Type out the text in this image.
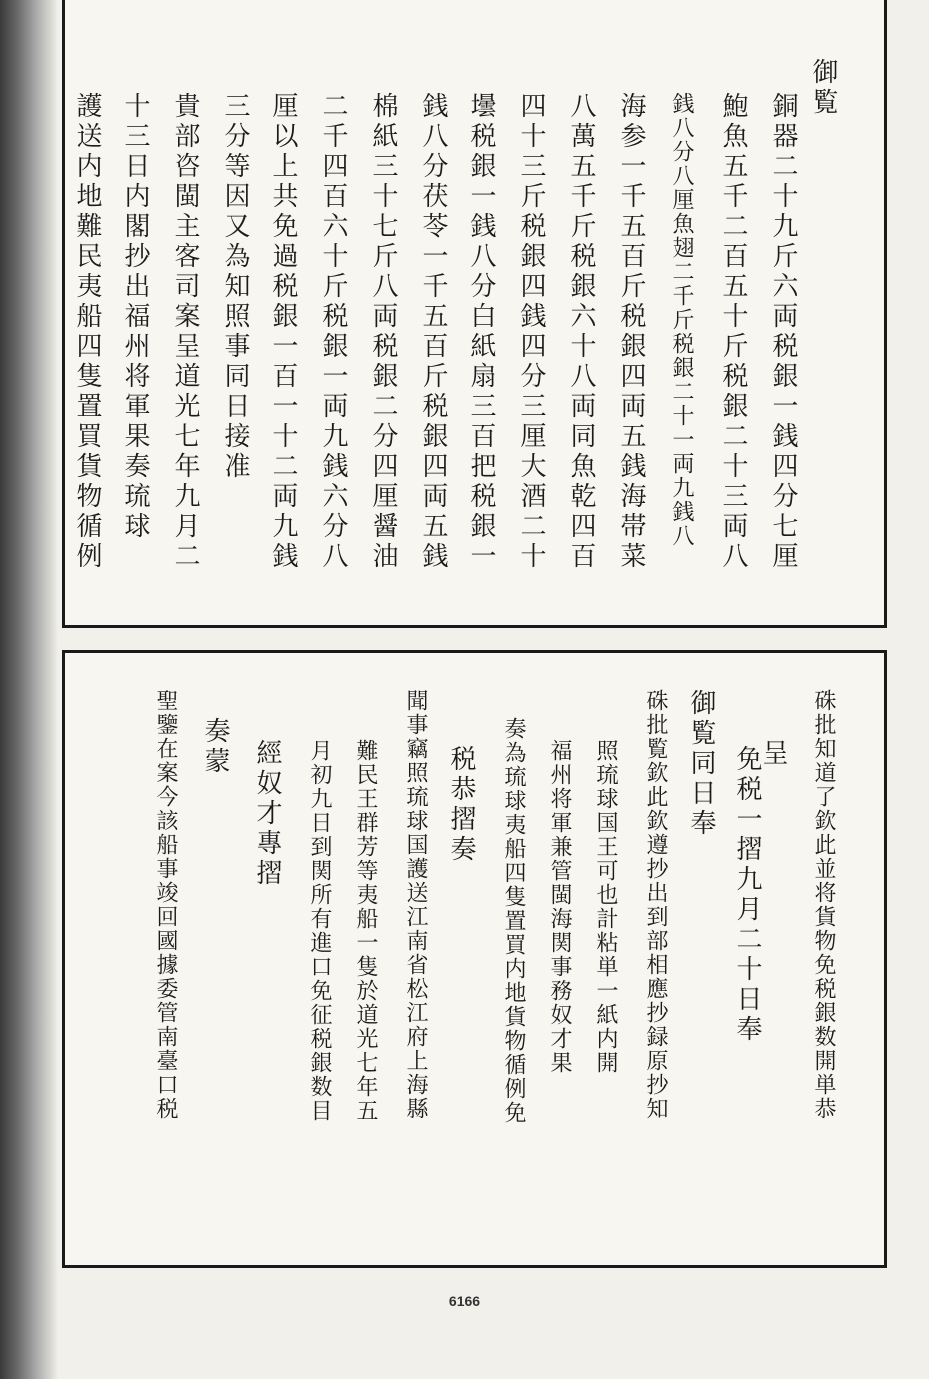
御覧
銅器二十九斤六両税銀一銭四分七厘
鮑魚五千二百五十斤税銀二十三両八
銭八分八厘魚翅二千斤税銀二十一両九銭八
海参一千五百斤税銀四両五銭海帯菜
八萬五千斤税銀六十八両同魚乾四百
四十三斤税銀四銭四分三厘大酒二十
壜税銀一銭八分白紙扇三百把税銀一
銭八分茯苓一千五百斤税銀四両五銭
棉紙三十七斤八両税銀二分四厘醤油
二千四百六十斤税銀一両九銭六分八
厘以上共免過税銀一百一十二両九銭
三分等因又為知照事同日接准
貴部咨閩主客司案呈道光七年九月二
十三日内閣抄出福州将軍果奏琉球
護送内地難民夷船四隻置買貨物循例
硃批知道了欽此並将貨物免税銀数開単恭
呈
免税一摺九月二十日奉
御覧同日奉
硃批覧欽此欽遵抄出到部相應抄録原抄知
照琉球国王可也計粘単一紙内開
福州将軍兼管閩海関事務奴才果
奏為琉球夷船四隻置買内地貨物循例免
税恭摺奏
聞事竊照琉球国護送江南省松江府上海縣
難民王群芳等夷船一隻於道光七年五
月初九日到関所有進口免征税銀数目
經奴才專摺
奏蒙
聖鑒在案今該船事竣回國據委管南臺口税
6166
